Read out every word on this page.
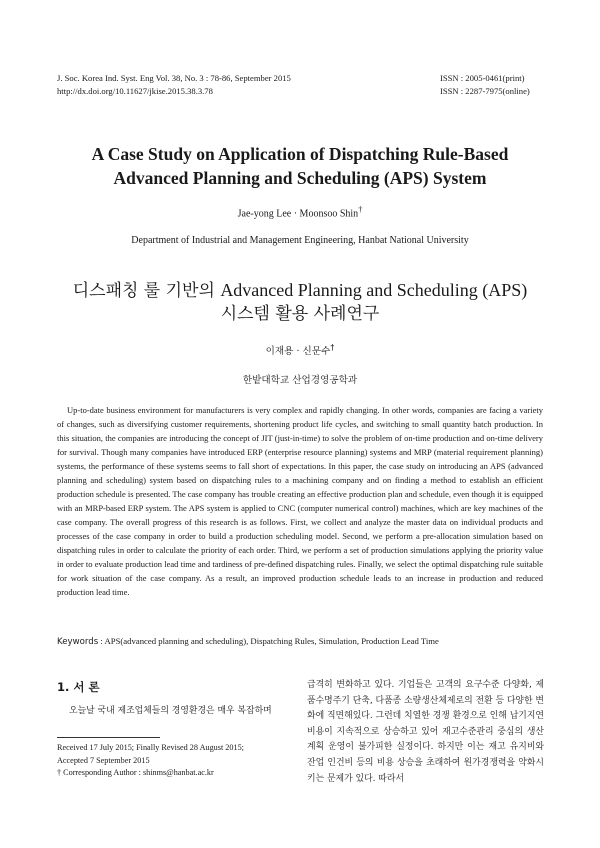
J. Soc. Korea Ind. Syst. Eng Vol. 38, No. 3 : 78-86, September 2015
http://dx.doi.org/10.11627/jkise.2015.38.3.78
ISSN : 2005-0461(print)
ISSN : 2287-7975(online)
A Case Study on Application of Dispatching Rule-Based
Advanced Planning and Scheduling (APS) System
Jae-yong Lee · Moonsoo Shin†
Department of Industrial and Management Engineering, Hanbat National University
디스패칭 룰 기반의 Advanced Planning and Scheduling (APS)
시스템 활용 사례연구
이재용 · 신문수†
한밭대학교 산업경영공학과

Up-to-date business environment for manufacturers is very complex and rapidly changing. In other words, companies are facing a variety of changes, such as diversifying customer requirements, shortening product life cycles, and switching to small quantity batch production. In this situation, the companies are introducing the concept of JIT (just-in-time) to solve the problem of on-time production and on-time delivery for survival. Though many companies have introduced ERP (enterprise resource planning) systems and MRP (material requirement planning) systems, the performance of these systems seems to fall short of expectations. In this paper, the case study on introducing an APS (advanced planning and scheduling) system based on dispatching rules to a machining company and on finding a method to establish an efficient production schedule is presented. The case company has trouble creating an effective production plan and schedule, even though it is equipped with an MRP-based ERP system. The APS system is applied to CNC (computer numerical control) machines, which are key machines of the case company. The overall progress of this research is as follows. First, we collect and analyze the master data on individual products and processes of the case company in order to build a production scheduling model. Second, we perform a pre-allocation simulation based on dispatching rules in order to calculate the priority of each order. Third, we perform a set of production simulations applying the priority value in order to evaluate production lead time and tardiness of pre-defined dispatching rules. Finally, we select the optimal dispatching rule suitable for work situation of the case company. As a result, an improved production schedule leads to an increase in production and reduced production lead time.

Keywords : APS(advanced planning and scheduling), Dispatching Rules, Simulation, Production Lead Time
1. 서 론

오늘날 국내 제조업체들의 경영환경은 매우 복잡하며

Received 17 July 2015; Finally Revised 28 August 2015;
Accepted 7 September 2015
† Corresponding Author : shinms@hanbat.ac.kr

급격히 변화하고 있다. 기업들은 고객의 요구수준 다양화, 제품수명주기 단축, 다품종 소량생산체제로의 전환 등 다양한 변화에 직면해있다. 그런데 치열한 경쟁 환경으로 인해 납기지연 비용이 지속적으로 상승하고 있어 재고수준관리 중심의 생산계획 운영이 불가피한 실정이다. 하지만 이는 재고 유지비와 잔업 인건비 등의 비용 상승을 초래하여 원가경쟁력을 약화시키는 문제가 있다. 따라서
